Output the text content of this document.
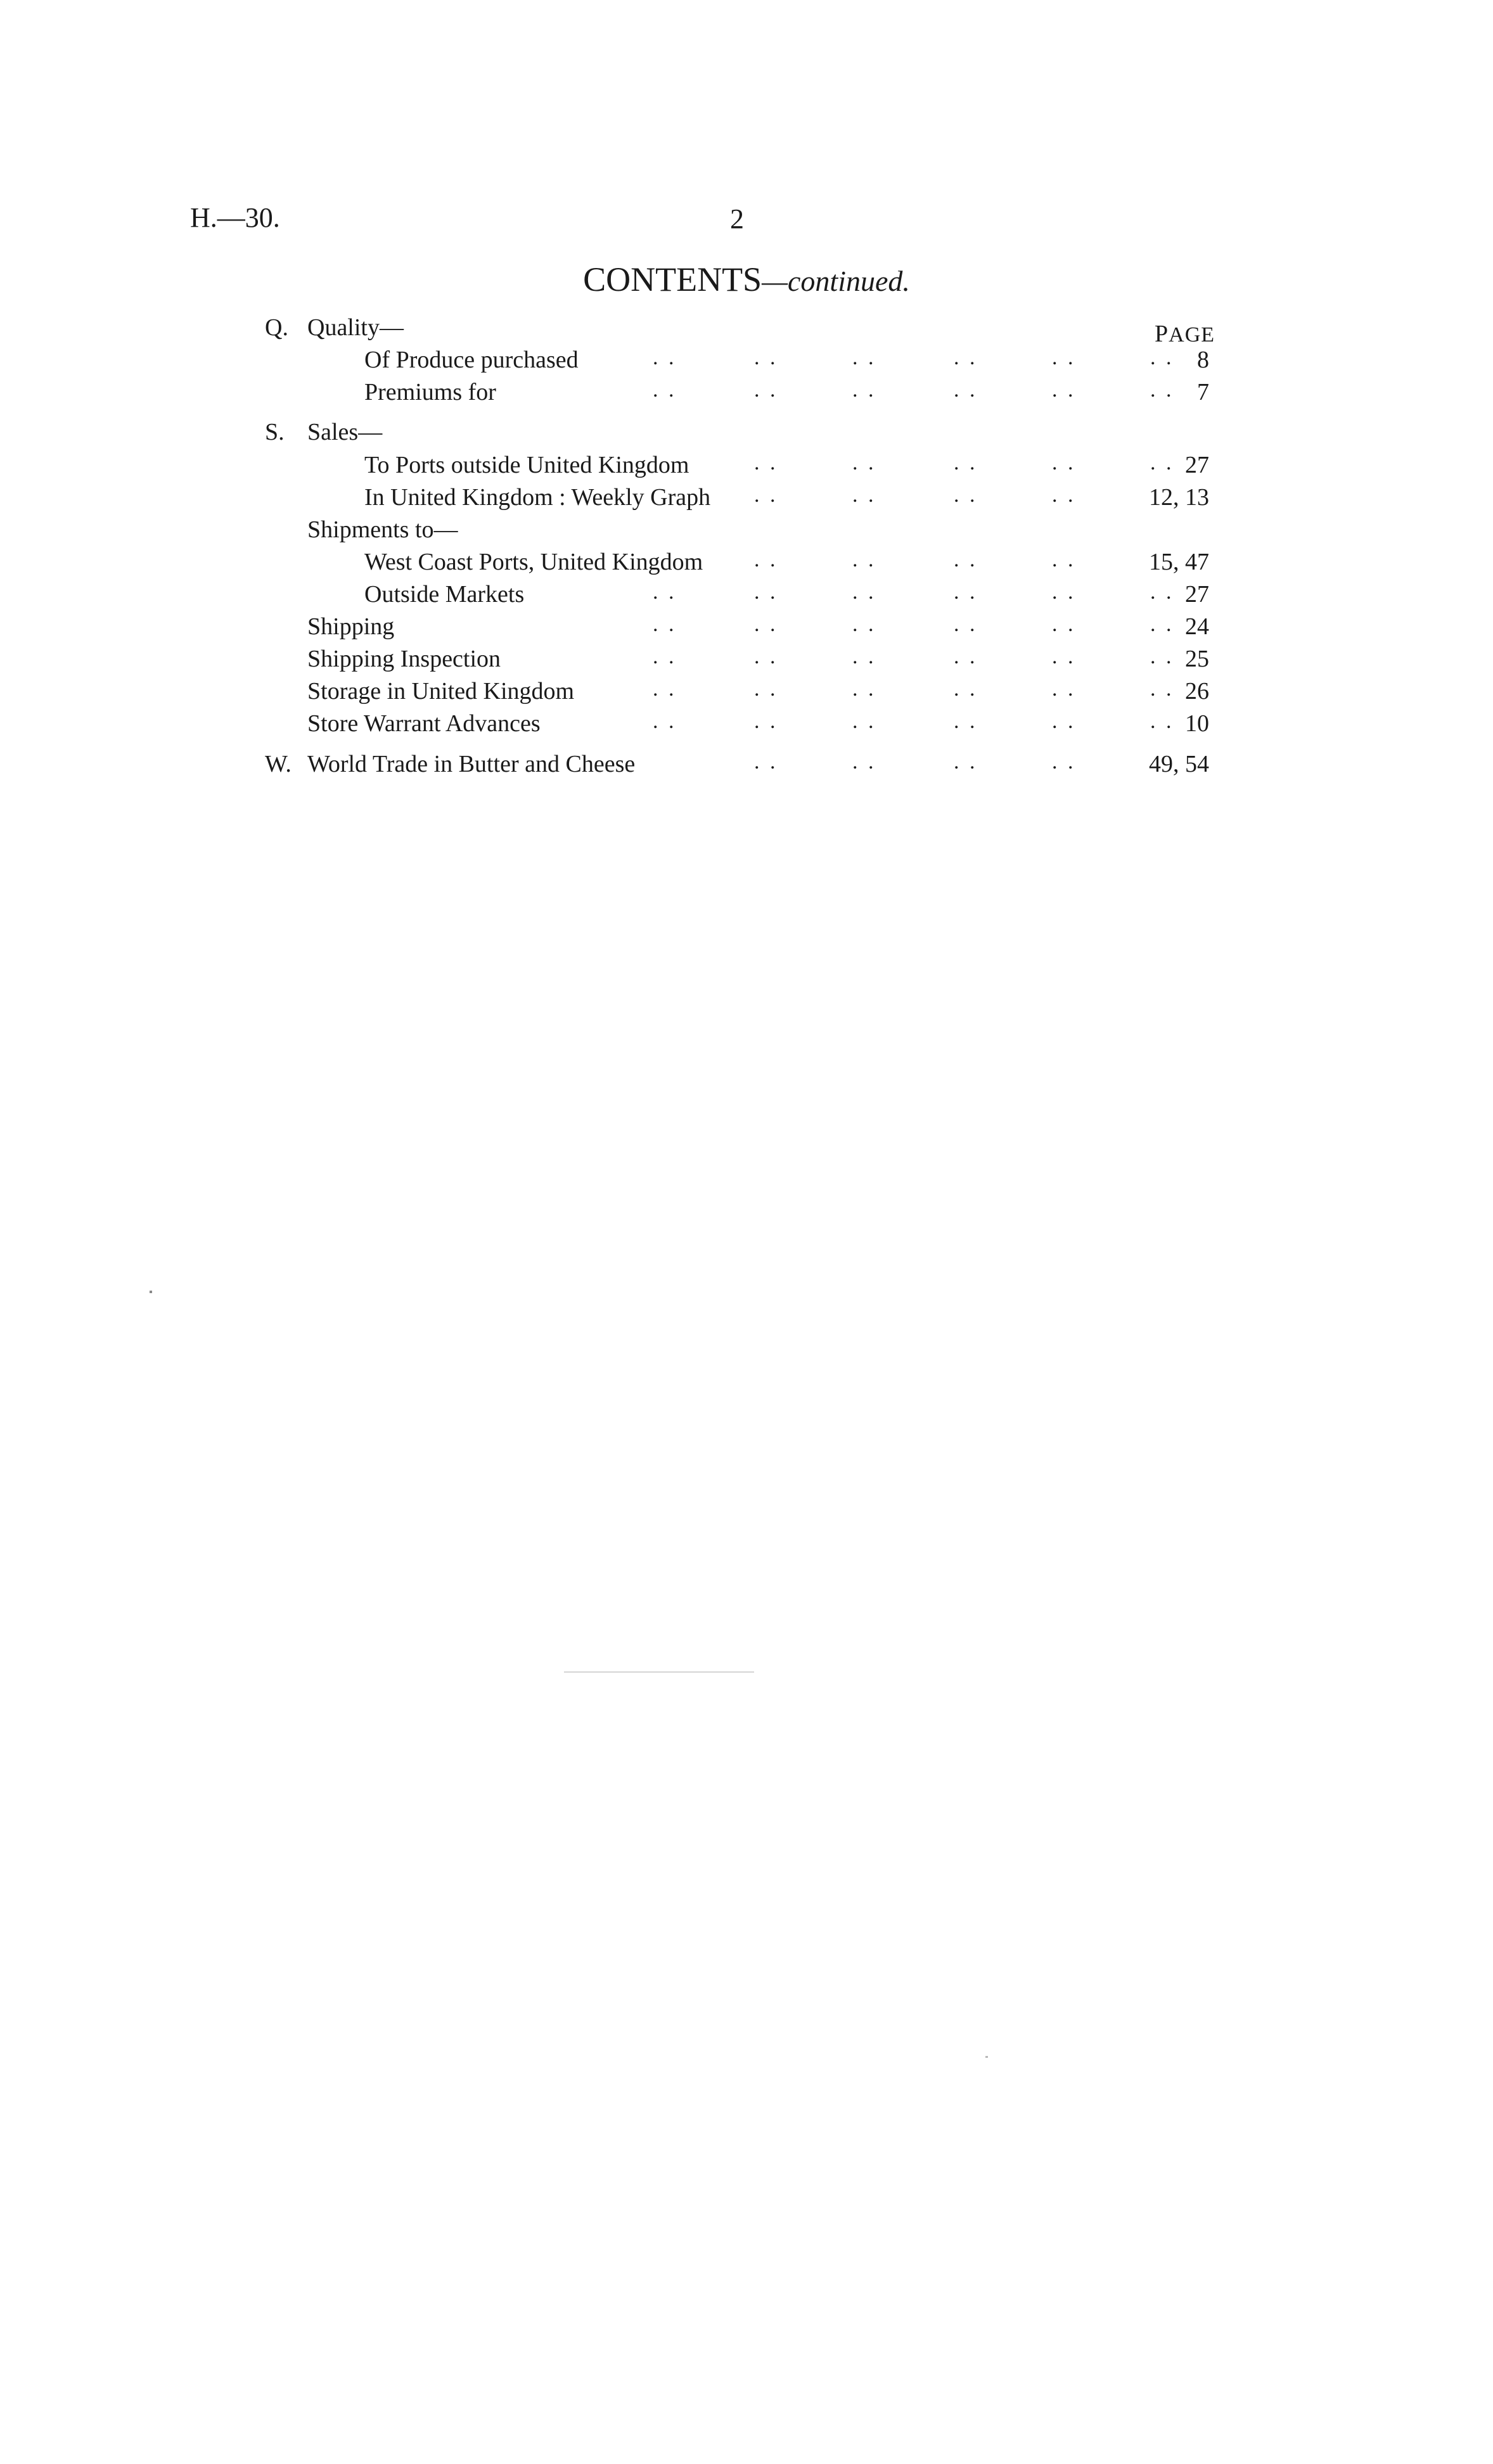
H.—30.	2
CONTENTS—continued.
PAGE
Q. Quality—
Of Produce purchased	. .	. .	. .	. .	. .	. . 8
Premiums for	. .	. .	. .	. .	. .	. . 7
S. Sales—
To Ports outside United Kingdom	. .	. .	. .	. .	. . 27
In United Kingdom : Weekly Graph . .	. .	. .	. .	12, 13
Shipments to—
West Coast Ports, United Kingdom . .	. .	. .	. .	15, 47
Outside Markets	. .	. .	. .	. .	. .	. . 27
Shipping	. .	. .	. .	. .	. .	. . 24
Shipping Inspection	. .	. .	. .	. .	. .	. . 25
Storage in United Kingdom	. .	. .	. .	. .	. .	. . 26
Store Warrant Advances	. .	. .	. .	. .	. .	. . 10
W. World Trade in Butter and Cheese	. .	. .	. .	. .	49, 54
